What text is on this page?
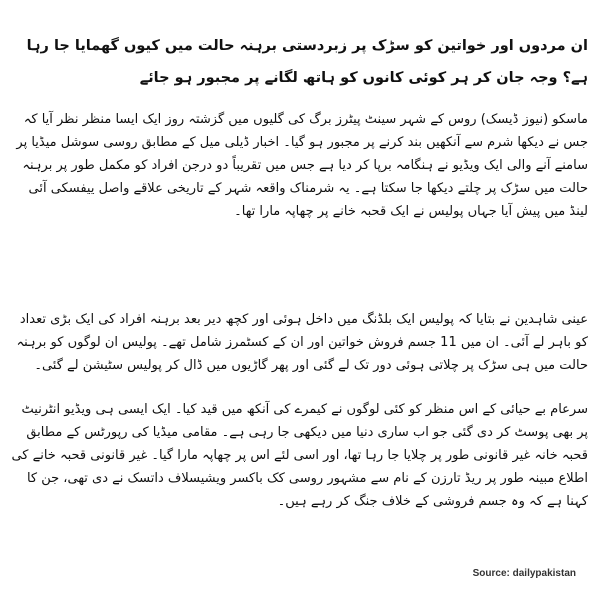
ان مردوں اور خواتین کو سڑک پر زبردستی برہنہ حالت میں کیوں گھمایا جا رہا ہے؟ وجہ جان کر ہر کوئی کانوں کو ہاتھ لگانے پر مجبور ہو جائے

ماسکو (نیوز ڈیسک) روس کے شہر سینٹ پیٹرز برگ کی گلیوں میں گزشتہ روز ایک ایسا منظر نظر آیا کہ جس نے دیکھا شرم سے آنکھیں بند کرنے پر مجبور ہو گیا۔ اخبار ڈیلی میل کے مطابق روسی سوشل میڈیا پر سامنے آنے والی ایک ویڈیو نے ہنگامہ برپا کر دیا ہے جس میں تقریباً دو درجن افراد کو مکمل طور پر برہنہ حالت میں سڑک پر چلتے دیکھا جا سکتا ہے۔ یہ شرمناک واقعہ شہر کے تاریخی علاقے واصل ییفسکی آئی لینڈ میں پیش آیا جہاں پولیس نے ایک قحبہ خانے پر چھاپہ مارا تھا۔

عینی شاہدین نے بتایا کہ پولیس ایک بلڈنگ میں داخل ہوئی اور کچھ دیر بعد برہنہ افراد کی ایک بڑی تعداد کو باہر لے آئی۔ ان میں 11 جسم فروش خواتین اور ان کے کسٹمرز شامل تھے۔ پولیس ان لوگوں کو برہنہ حالت میں ہی سڑک پر چلاتی ہوئی دور تک لے گئی اور پھر گاڑیوں میں ڈال کر پولیس سٹیشن لے گئی۔

سرعام بے حیائی کے اس منظر کو کئی لوگوں نے کیمرے کی آنکھ میں قید کیا۔ ایک ایسی ہی ویڈیو انٹرنیٹ پر بھی پوسٹ کر دی گئی جو اب ساری دنیا میں دیکھی جا رہی ہے۔ مقامی میڈیا کی رپورٹس کے مطابق قحبہ خانہ غیر قانونی طور پر چلایا جا رہا تھا، اور اسی لئے اس پر چھاپہ مارا گیا۔ غیر قانونی قحبہ خانے کی اطلاع مبینہ طور پر ریڈ تارزن کے نام سے مشہور روسی کک باکسر ویشیسلاف داتسک نے دی تھی، جن کا کہنا ہے کہ وہ جسم فروشی کے خلاف جنگ کر رہے ہیں۔

Source: dailypakistan
